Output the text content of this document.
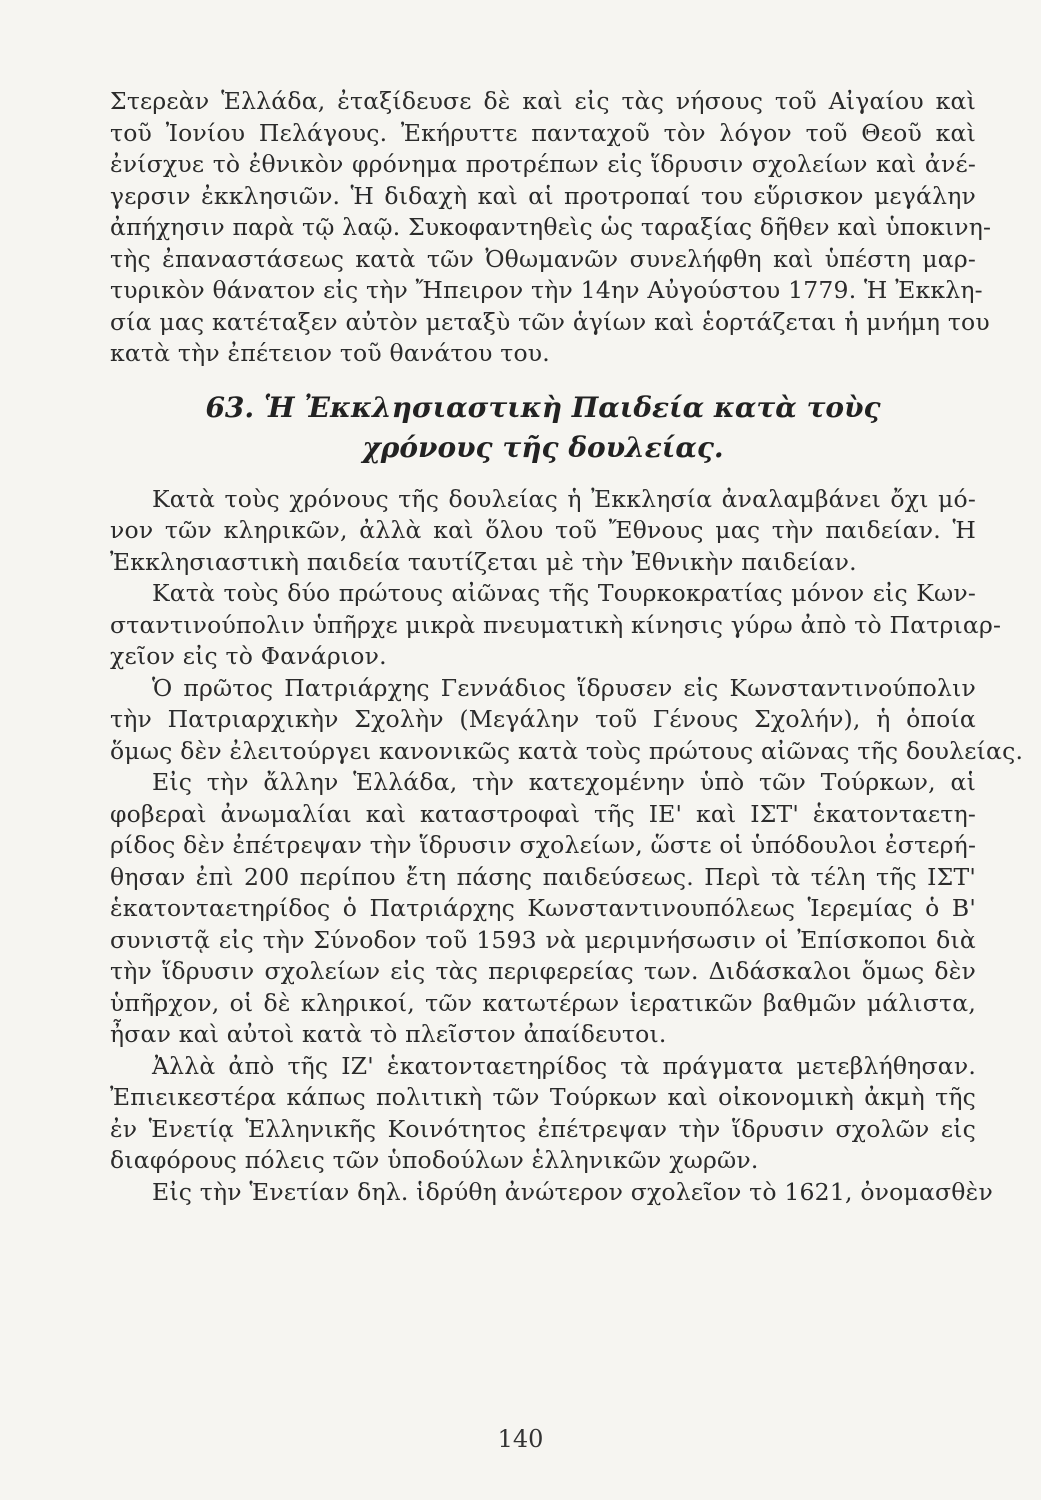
Στερεὰν Ἑλλάδα, ἐταξίδευσε δὲ καὶ εἰς τὰς νήσους τοῦ Αἰγαίου καὶ
τοῦ Ἰονίου Πελάγους. Ἐκήρυττε πανταχοῦ τὸν λόγον τοῦ Θεοῦ καὶ
ἐνίσχυε τὸ ἐθνικὸν φρόνημα προτρέπων εἰς ἵδρυσιν σχολείων καὶ ἀνέ-
γερσιν ἐκκλησιῶν. Ἡ διδαχὴ καὶ αἱ προτροπαί του εὕρισκον μεγάλην
ἀπήχησιν παρὰ τῷ λαῷ. Συκοφαντηθεὶς ὡς ταραξίας δῆθεν καὶ ὑποκινη-
τὴς ἐπαναστάσεως κατὰ τῶν Ὀθωμανῶν συνελήφθη καὶ ὑπέστη μαρ-
τυρικὸν θάνατον εἰς τὴν Ἤπειρον τὴν 14ην Αὐγούστου 1779. Ἡ Ἐκκλη-
σία μας κατέταξεν αὐτὸν μεταξὺ τῶν ἁγίων καὶ ἑορτάζεται ἡ μνήμη του
κατὰ τὴν ἐπέτειον τοῦ θανάτου του.
63. Ἡ Ἐκκλησιαστικὴ Παιδεία κατὰ τοὺς
χρόνους τῆς δουλείας.
Κατὰ τοὺς χρόνους τῆς δουλείας ἡ Ἐκκλησία ἀναλαμβάνει ὄχι μό-
νον τῶν κληρικῶν, ἀλλὰ καὶ ὅλου τοῦ Ἔθνους μας τὴν παιδείαν. Ἡ
Ἐκκλησιαστικὴ παιδεία ταυτίζεται μὲ τὴν Ἐθνικὴν παιδείαν.
Κατὰ τοὺς δύο πρώτους αἰῶνας τῆς Τουρκοκρατίας μόνον εἰς Κων-
σταντινούπολιν ὑπῆρχε μικρὰ πνευματικὴ κίνησις γύρω ἀπὸ τὸ Πατριαρ-
χεῖον εἰς τὸ Φανάριον.
Ὁ πρῶτος Πατριάρχης Γεννάδιος ἵδρυσεν εἰς Κωνσταντινούπολιν
τὴν Πατριαρχικὴν Σχολὴν (Μεγάλην τοῦ Γένους Σχολήν), ἡ ὁποία
ὅμως δὲν ἐλειτούργει κανονικῶς κατὰ τοὺς πρώτους αἰῶνας τῆς δουλείας.
Εἰς τὴν ἄλλην Ἑλλάδα, τὴν κατεχομένην ὑπὸ τῶν Τούρκων, αἱ
φοβεραὶ ἀνωμαλίαι καὶ καταστροφαὶ τῆς ΙΕ' καὶ ΙΣΤ' ἑκατονταετη-
ρίδος δὲν ἐπέτρεψαν τὴν ἵδρυσιν σχολείων, ὥστε οἱ ὑπόδουλοι ἐστερή-
θησαν ἐπὶ 200 περίπου ἔτη πάσης παιδεύσεως. Περὶ τὰ τέλη τῆς ΙΣΤ'
ἑκατονταετηρίδος ὁ Πατριάρχης Κωνσταντινουπόλεως Ἱερεμίας ὁ Β'
συνιστᾷ εἰς τὴν Σύνοδον τοῦ 1593 νὰ μεριμνήσωσιν οἱ Ἐπίσκοποι διὰ
τὴν ἵδρυσιν σχολείων εἰς τὰς περιφερείας των. Διδάσκαλοι ὅμως δὲν
ὑπῆρχον, οἱ δὲ κληρικοί, τῶν κατωτέρων ἱερατικῶν βαθμῶν μάλιστα,
ἦσαν καὶ αὐτοὶ κατὰ τὸ πλεῖστον ἀπαίδευτοι.
Ἀλλὰ ἀπὸ τῆς ΙΖ' ἑκατονταετηρίδος τὰ πράγματα μετεβλήθησαν.
Ἐπιεικεστέρα κάπως πολιτικὴ τῶν Τούρκων καὶ οἰκονομικὴ ἀκμὴ τῆς
ἐν Ἑνετίᾳ Ἑλληνικῆς Κοινότητος ἐπέτρεψαν τὴν ἵδρυσιν σχολῶν εἰς
διαφόρους πόλεις τῶν ὑποδούλων ἑλληνικῶν χωρῶν.
Εἰς τὴν Ἑνετίαν δηλ. ἱδρύθη ἀνώτερον σχολεῖον τὸ 1621, ὀνομασθὲν
140
